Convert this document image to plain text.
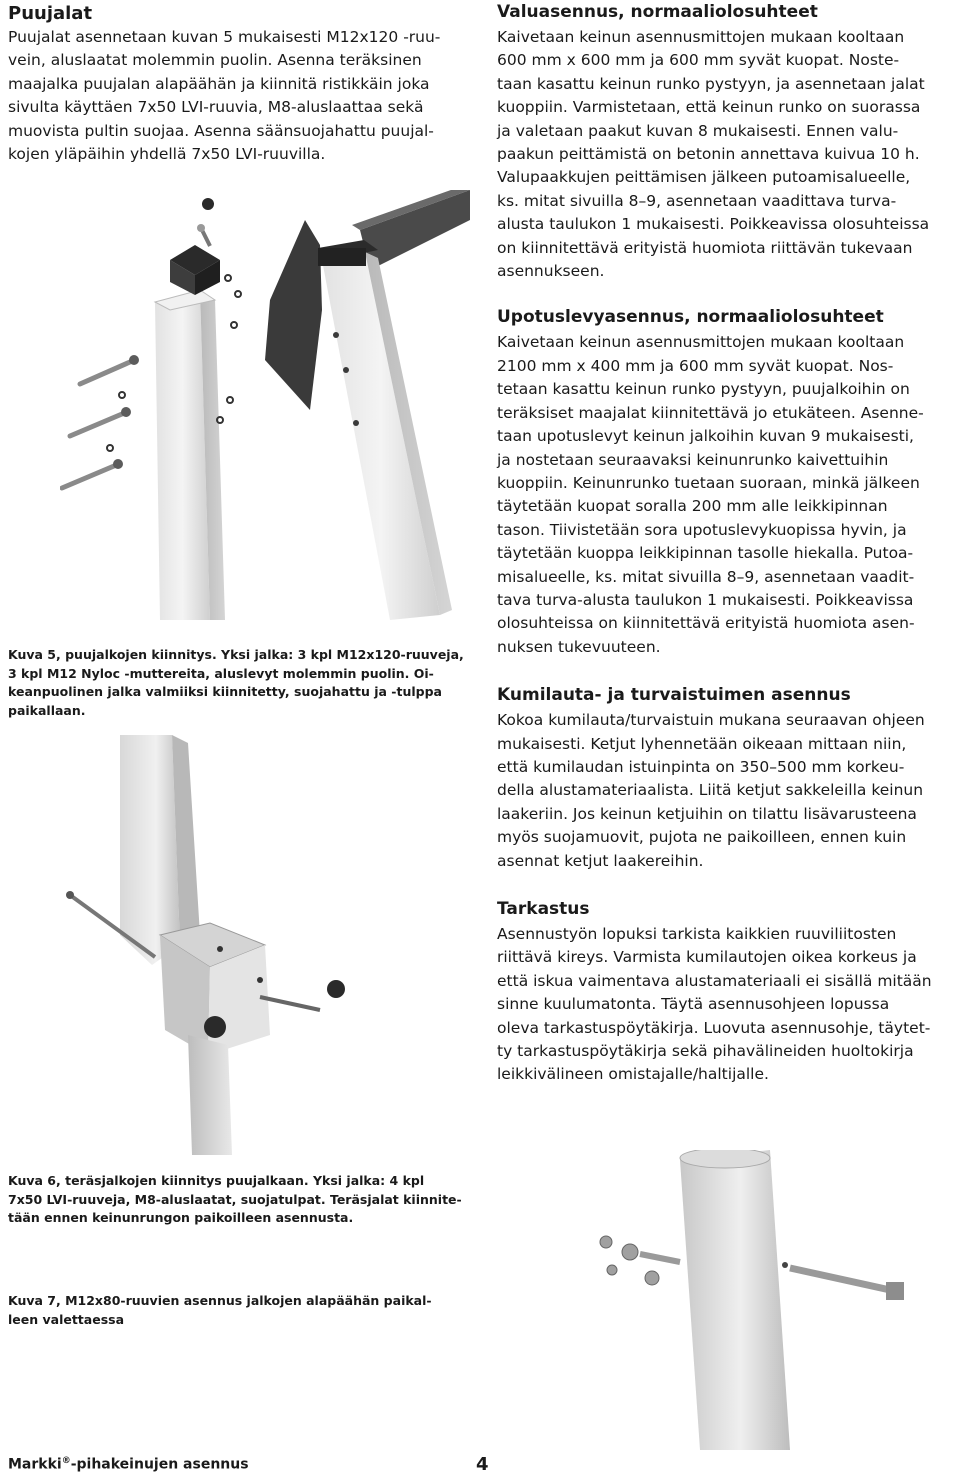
Puujalat

Puujalat asennetaan kuvan 5 mukaisesti M12x120 -ruu-
vein, aluslaatat molemmin puolin. Asenna teräksinen
maajalka puujalan alapäähän ja kiinnitä ristikkäin joka
sivulta käyttäen 7x50 LVI-ruuvia, M8-aluslaattaa sekä
muovista pultin suojaa. Asenna säänsuojahattu puujal-
kojen yläpäihin yhdellä 7x50 LVI-ruuvilla.

Kuva 5, puujalkojen kiinnitys. Yksi jalka: 3 kpl M12x120-ruuveja,
3 kpl M12 Nyloc -muttereita, aluslevyt molemmin puolin. Oi-
keanpuolinen jalka valmiiksi kiinnitetty, suojahattu ja -tulppa
paikallaan.

Kuva 6, teräsjalkojen kiinnitys puujalkaan. Yksi jalka: 4 kpl
7x50 LVI-ruuveja, M8-aluslaatat, suojatulpat. Teräsjalat kiinnite-
tään ennen keinunrungon paikoilleen asennusta.

Kuva 7, M12x80-ruuvien asennus jalkojen alapäähän paikal-
leen valettaessa

Valuasennus, normaaliolosuhteet

Kaivetaan keinun asennusmittojen mukaan kooltaan
600 mm x 600 mm ja 600 mm syvät kuopat. Noste-
taan kasattu keinun runko pystyyn, ja asennetaan jalat
kuoppiin. Varmistetaan, että keinun runko on suorassa
ja valetaan paakut kuvan 8 mukaisesti. Ennen valu-
paakun peittämistä on betonin annettava kuivua 10 h.
Valupaakkujen peittämisen jälkeen putoamisalueelle,
ks. mitat sivuilla 8–9, asennetaan vaadittava turva-
alusta taulukon 1 mukaisesti. Poikkeavissa olosuhteissa
on kiinnitettävä erityistä huomiota riittävän tukevaan
asennukseen.

Upotuslevyasennus, normaaliolosuhteet

Kaivetaan keinun asennusmittojen mukaan kooltaan
2100 mm x 400 mm ja 600 mm syvät kuopat. Nos-
tetaan kasattu keinun runko pystyyn, puujalkoihin on
teräksiset maajalat kiinnitettävä jo etukäteen. Asenne-
taan upotuslevyt keinun jalkoihin kuvan 9 mukaisesti,
ja nostetaan seuraavaksi keinunrunko kaivettuihin
kuoppiin. Keinunrunko tuetaan suoraan, minkä jälkeen
täytetään kuopat soralla 200 mm alle leikkipinnan
tason. Tiivistetään sora upotuslevykuopissa hyvin, ja
täytetään kuoppa leikkipinnan tasolle hiekalla. Putoa-
misalueelle, ks. mitat sivuilla 8–9, asennetaan vaadit-
tava turva-alusta taulukon 1 mukaisesti. Poikkeavissa
olosuhteissa on kiinnitettävä erityistä huomiota asen-
nuksen tukevuuteen.

Kumilauta- ja turvaistuimen asennus

Kokoa kumilauta/turvaistuin mukana seuraavan ohjeen
mukaisesti. Ketjut lyhennetään oikeaan mittaan niin,
että kumilaudan istuinpinta on 350–500 mm korkeu-
della alustamateriaalista. Liitä ketjut sakkeleilla keinun
laakeriin. Jos keinun ketjuihin on tilattu lisävarusteena
myös suojamuovit, pujota ne paikoilleen, ennen kuin
asennat ketjut laakereihin.

Tarkastus

Asennustyön lopuksi tarkista kaikkien ruuviliitosten
riittävä kireys. Varmista kumilautojen oikea korkeus ja
että iskua vaimentava alustamateriaali ei sisällä mitään
sinne kuulumatonta. Täytä asennusohjeen lopussa
oleva tarkastuspöytäkirja. Luovuta asennusohje, täytet-
ty tarkastuspöytäkirja sekä pihavälineiden huoltokirja
leikkivälineen omistajalle/haltijalle.

Markki®-pihakeinujen asennus	4
